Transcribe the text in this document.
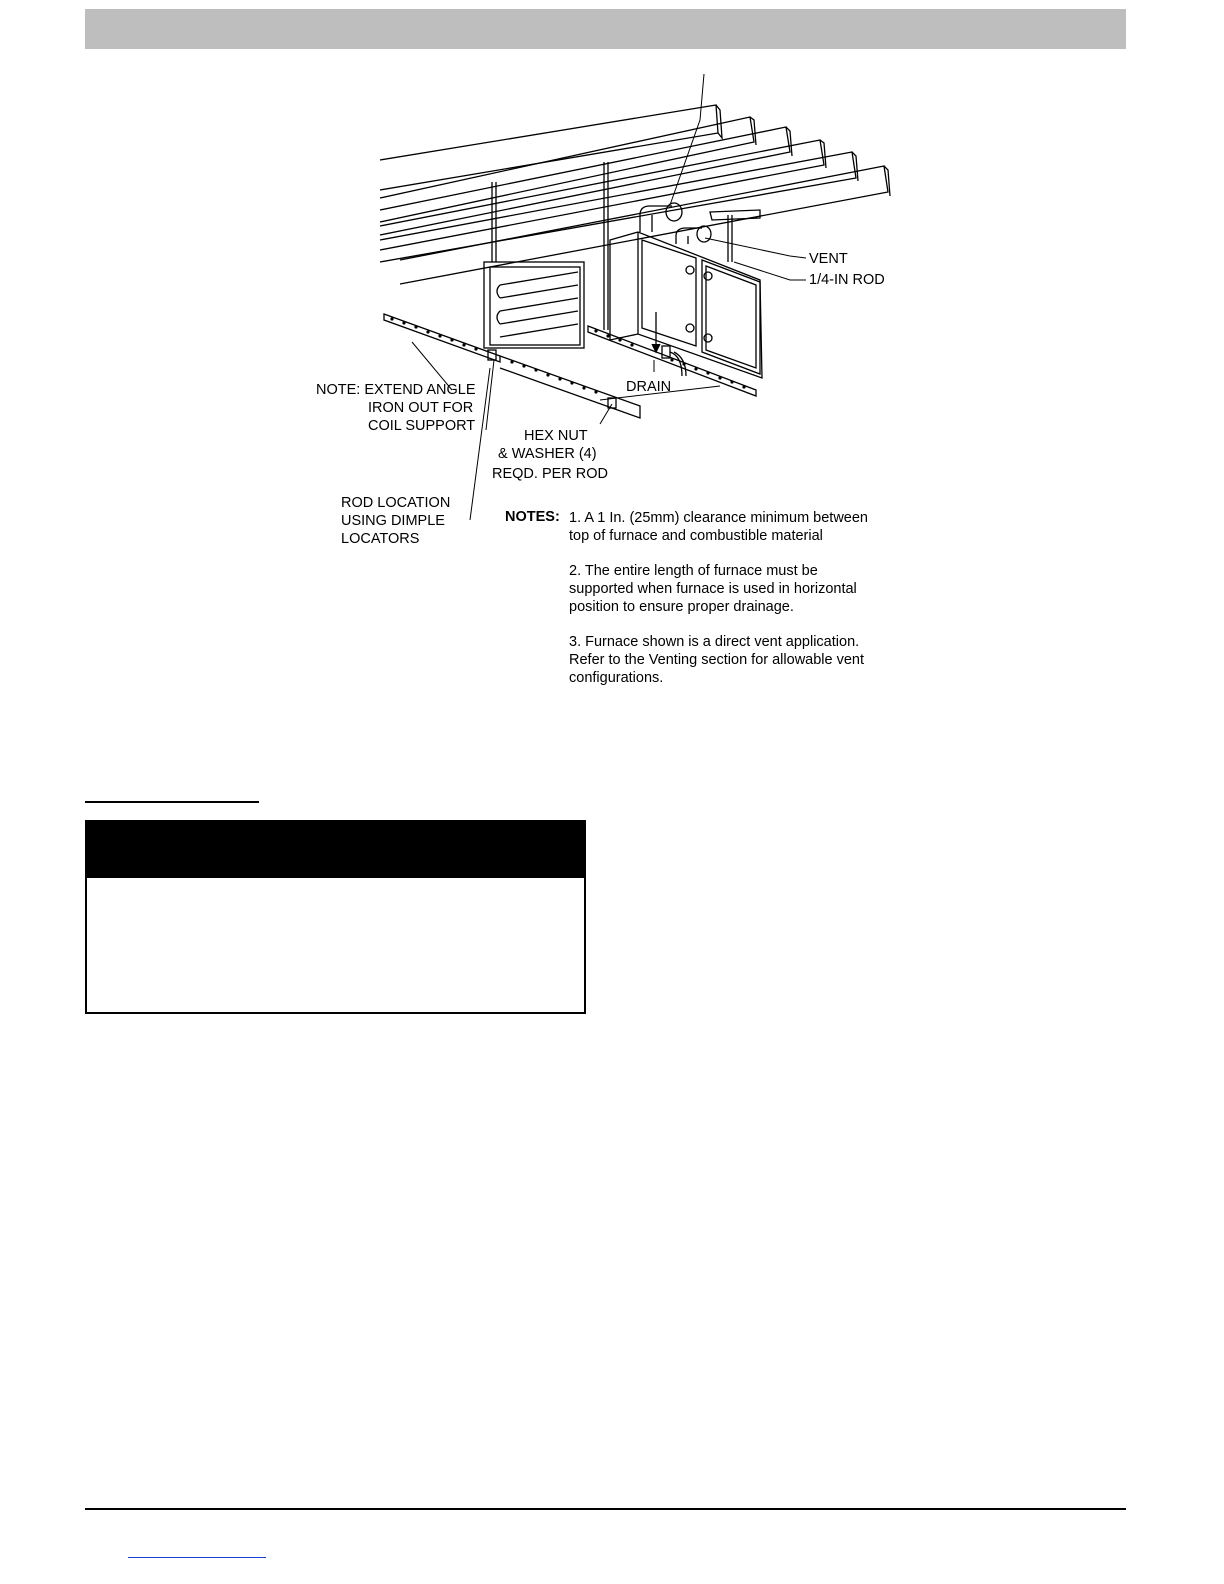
VENT
1/4-IN ROD
DRAIN
NOTE: EXTEND ANGLE
IRON OUT FOR
COIL SUPPORT
HEX NUT
& WASHER (4)
REQD. PER ROD
ROD LOCATION
USING DIMPLE
LOCATORS
NOTES: 1. A 1 In. (25mm) clearance minimum between
top of furnace and combustible material
2. The entire length of furnace must be
supported when furnace is used in horizontal
position to ensure proper drainage.
3. Furnace shown is a direct vent application.
Refer to the Venting section for allowable vent
configurations.
